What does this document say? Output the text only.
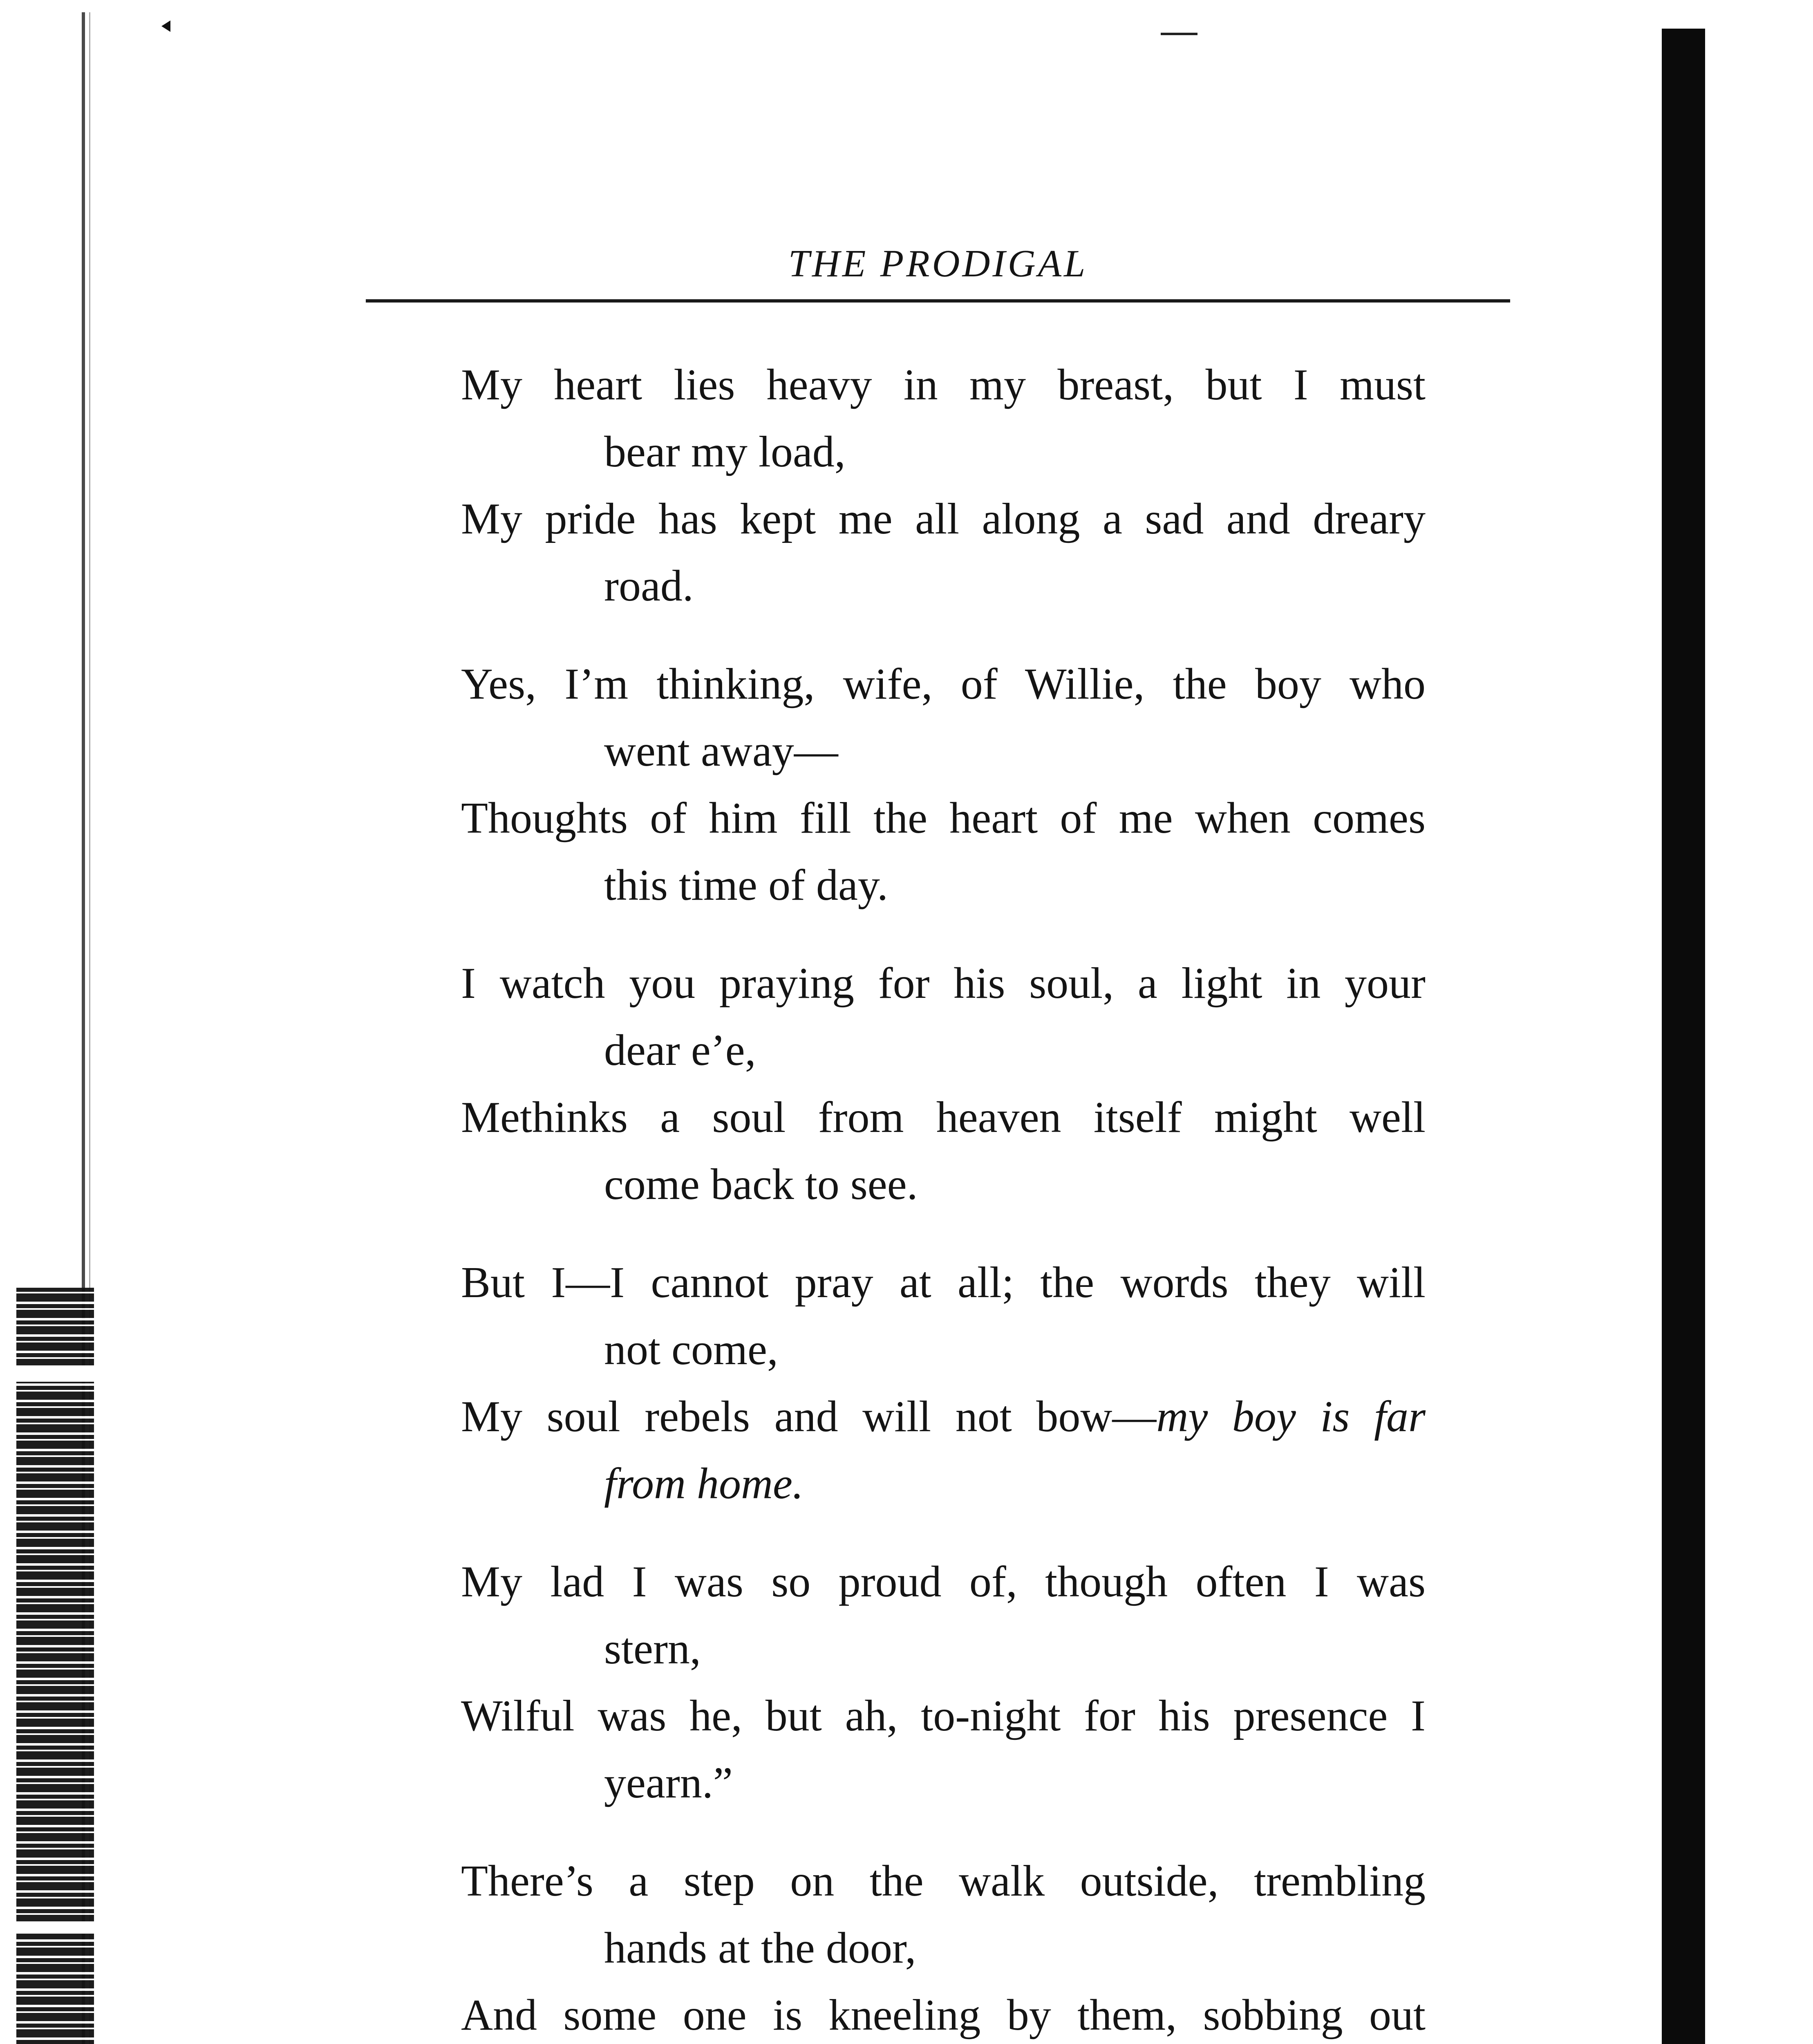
THE PRODIGAL
My heart lies heavy in my breast, but I must
bear my load,
My pride has kept me all along a sad and dreary
road.
Yes, I’m thinking, wife, of Willie, the boy who
went away—
Thoughts of him fill the heart of me when comes
this time of day.
I watch you praying for his soul, a light in your
dear e’e,
Methinks a soul from heaven itself might well
come back to see.
But I—I cannot pray at all; the words they will
not come,
My soul rebels and will not bow—my boy is far
from home.
My lad I was so proud of, though often I was
stern,
Wilful was he, but ah, to-night for his presence I
yearn.”
There’s a step on the walk outside, trembling
hands at the door,
And some one is kneeling by them, sobbing out
